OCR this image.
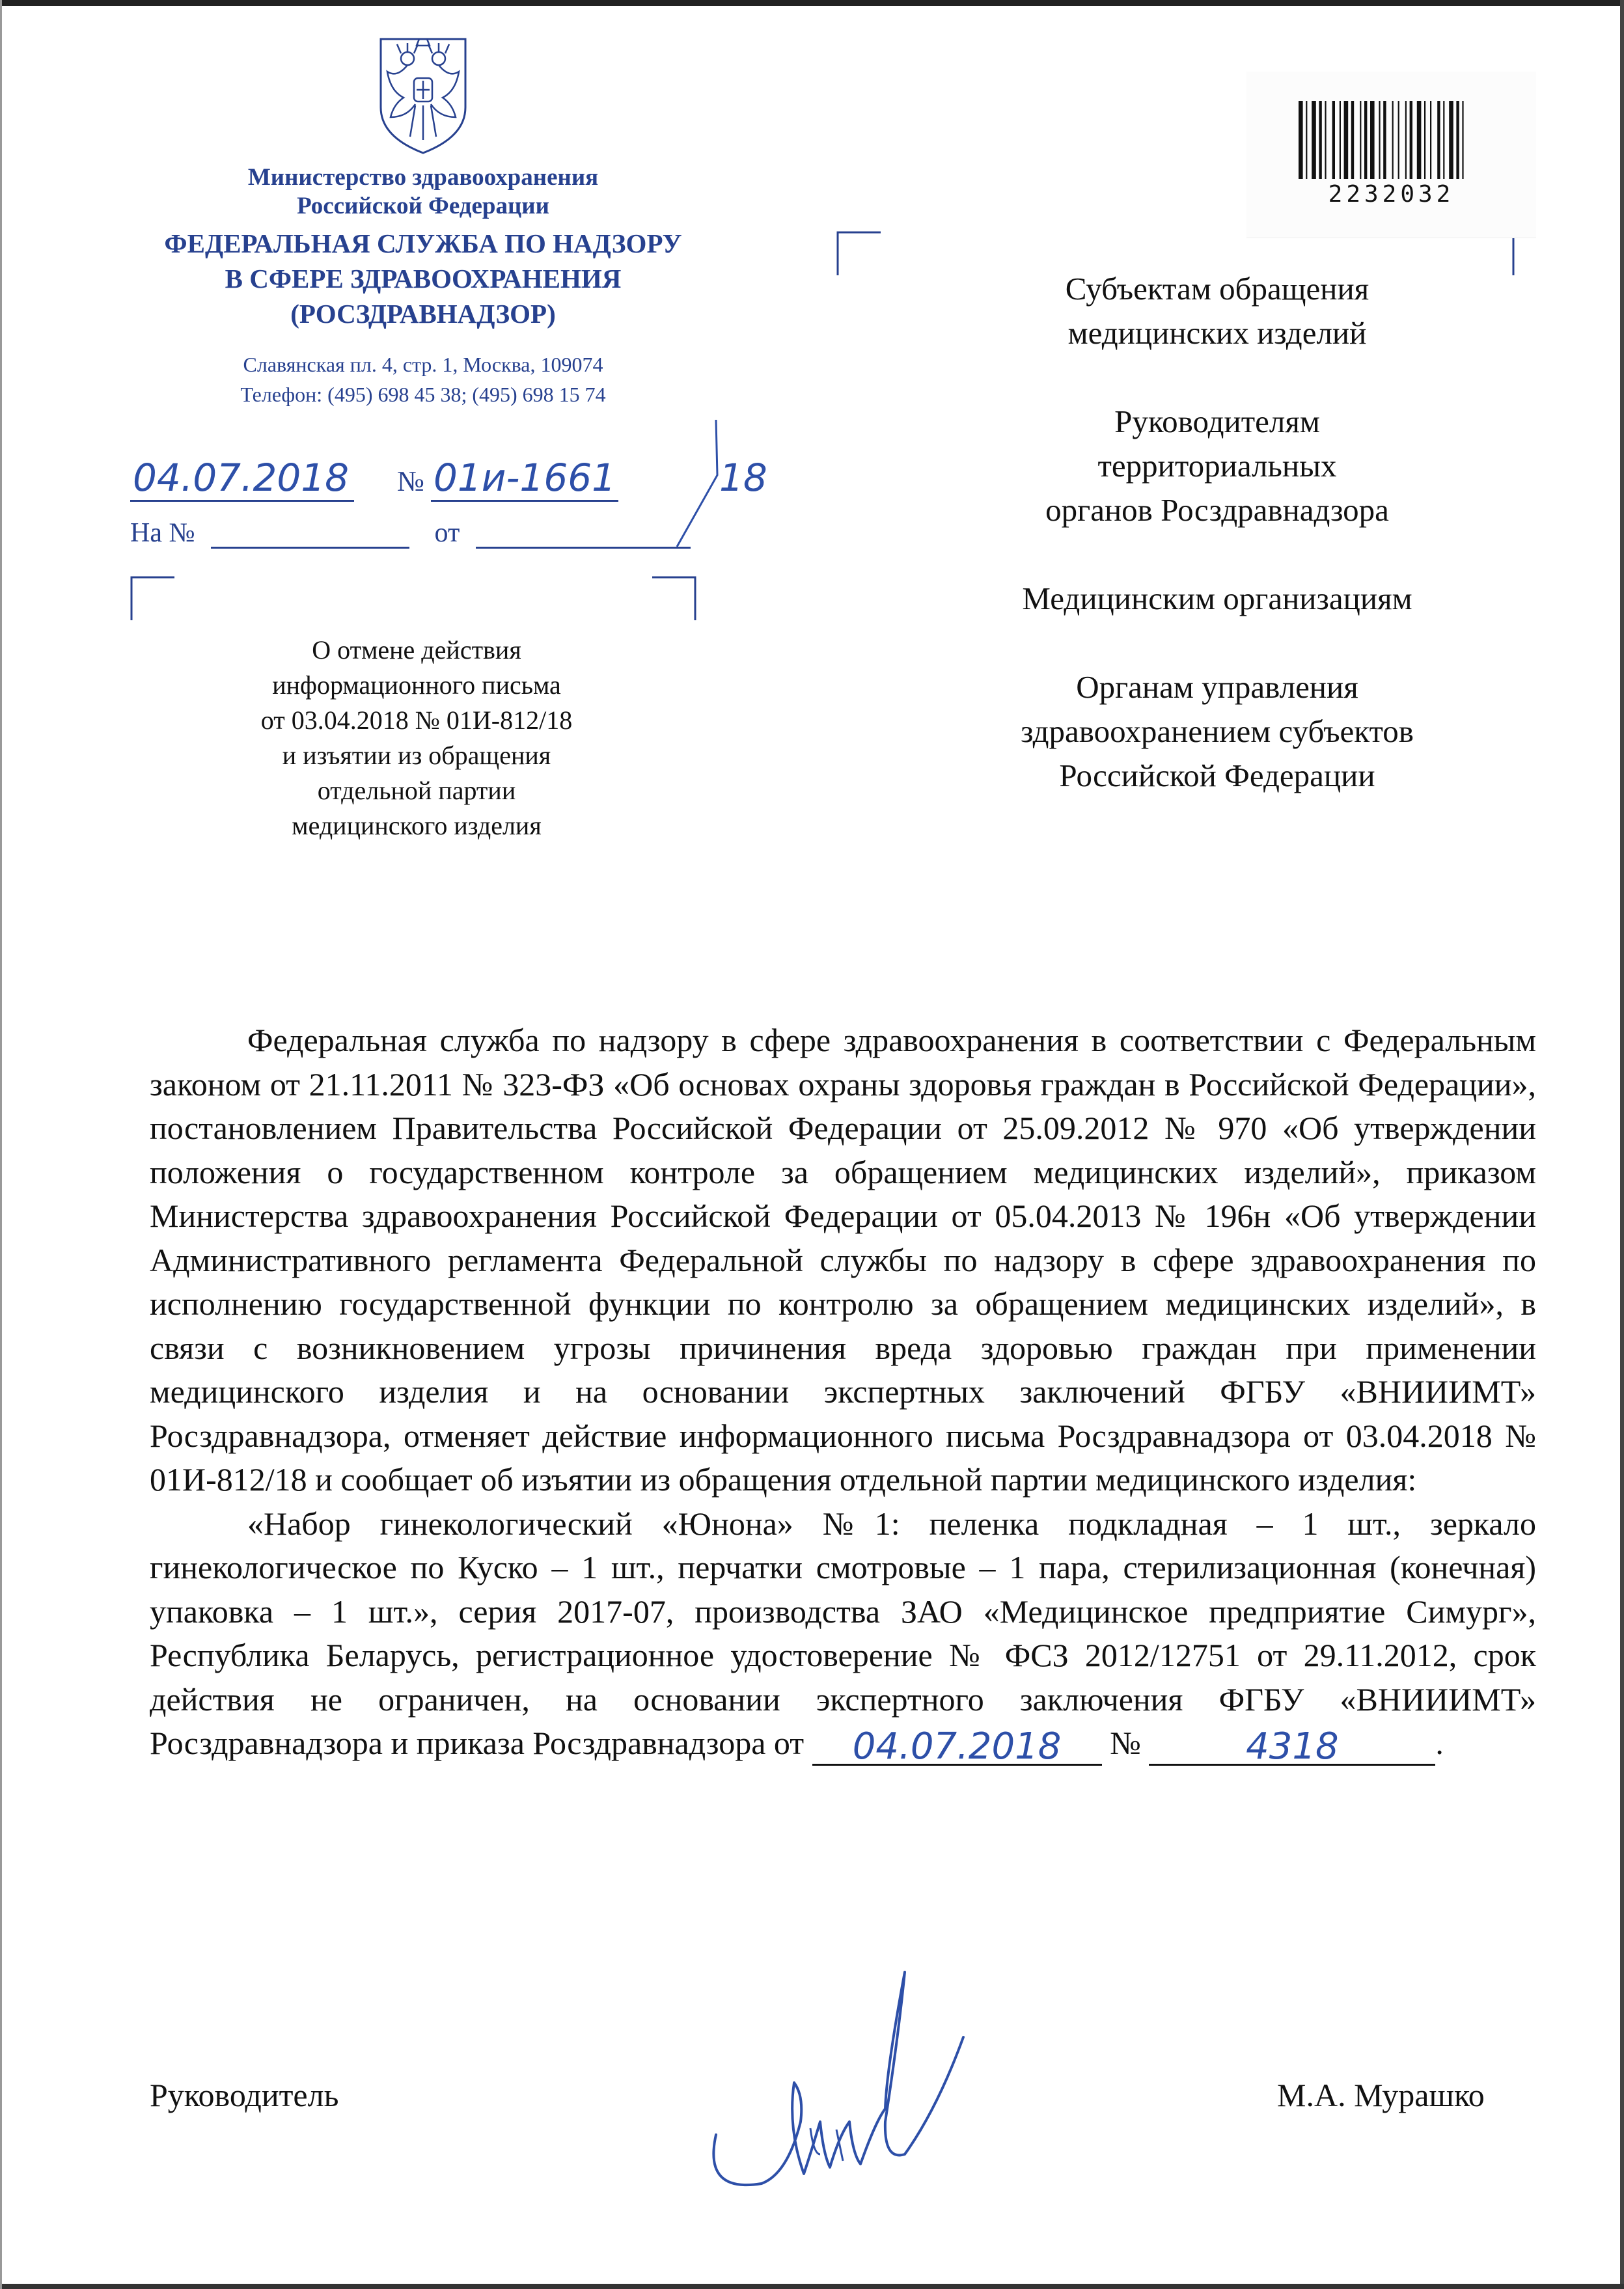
Министерство здравоохранения
Российской Федерации
ФЕДЕРАЛЬНАЯ СЛУЖБА ПО НАДЗОРУ
В СФЕРЕ ЗДРАВООХРАНЕНИЯ
(РОСЗДРАВНАДЗОР)
Славянская пл. 4, стр. 1, Москва, 109074
Телефон: (495) 698 45 38; (495) 698 15 74
04.07.2018 № 01и-1661	18
На №	от
О отмене действия
информационного письма
от 03.04.2018 № 01И-812/18
и изъятии из обращения
отдельной партии
медицинского изделия
2232032
Субъектам обращения
медицинских изделий
Руководителям
территориальных
органов Росздравнадзора
Медицинским организациям
Органам управления
здравоохранением субъектов
Российской Федерации

Федеральная служба по надзору в сфере здравоохранения в соответствии с Федеральным законом от 21.11.2011 № 323-ФЗ «Об основах охраны здоровья граждан в Российской Федерации», постановлением Правительства Российской Федерации от 25.09.2012 № 970 «Об утверждении положения о государственном контроле за обращением медицинских изделий», приказом Министерства здравоохранения Российской Федерации от 05.04.2013 № 196н «Об утверждении Административного регламента Федеральной службы по надзору в сфере здравоохранения по исполнению государственной функции по контролю за обращением медицинских изделий», в связи с возникновением угрозы причинения вреда здоровью граждан при применении медицинского изделия и на основании экспертных заключений ФГБУ «ВНИИИМТ» Росздравнадзора, отменяет действие информационного письма Росздравнадзора от 03.04.2018 № 01И-812/18 и сообщает об изъятии из обращения отдельной партии медицинского изделия:

«Набор гинекологический «Юнона» №1: пеленка подкладная – 1 шт., зеркало гинекологическое по Куско – 1 шт., перчатки смотровые – 1 пара, стерилизационная (конечная) упаковка – 1 шт.», серия 2017-07, производства ЗАО «Медицинское предприятие Симург», Республика Беларусь, регистрационное удостоверение № ФСЗ 2012/12751 от 29.11.2012, срок действия не ограничен, на основании экспертного заключения ФГБУ «ВНИИИМТ» Росздравнадзора и приказа Росздравнадзора от 04.07.2018 №	4318	.

Руководитель	М.А. Мурашко
